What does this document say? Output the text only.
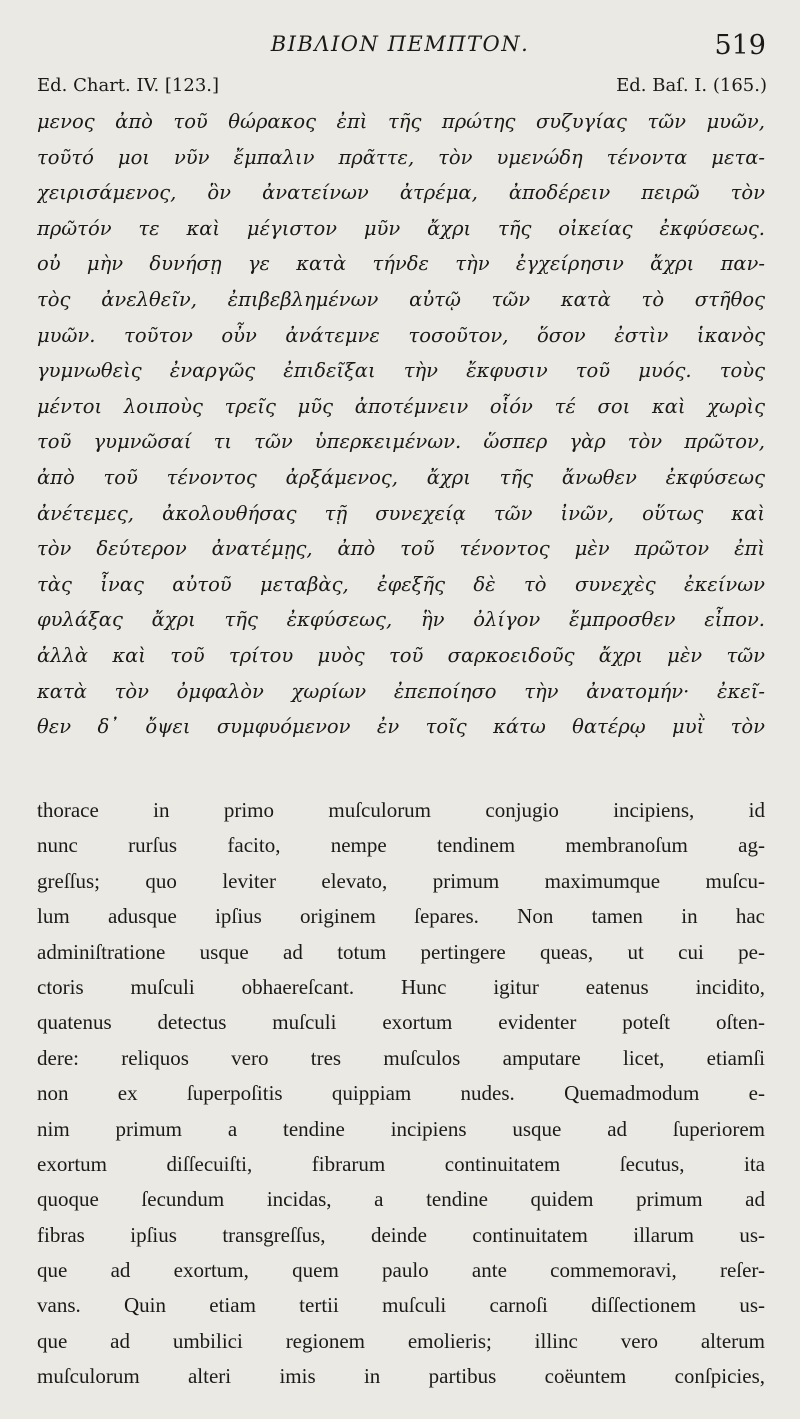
ΒΙΒΛΙΟΝ ΠΕΜΠΤΟΝ.	519
Ed. Chart. IV. [123.]	Ed. Baſ. I. (165.)
μενος ἀπὸ τοῦ θώρακος ἐπὶ τῆς πρώτης συζυγίας τῶν μυῶν,
τοῦτό μοι νῦν ἔμπαλιν πρᾶττε, τὸν υμενώδη τένοντα μετα-
χειρισάμενος, ὃν ἀνατείνων ἀτρέμα, ἀποδέρειν πειρῶ τὸν
πρῶτόν τε καὶ μέγιστον μῦν ἄχρι τῆς οἰκείας ἐκφύσεως.
οὐ μὴν δυνήσῃ γε κατὰ τήνδε τὴν ἐγχείρησιν ἄχρι παν-
τὸς ἀνελθεῖν, ἐπιβεβλημένων αὐτῷ τῶν κατὰ τὸ στῆθος
μυῶν. τοῦτον οὖν ἀνάτεμνε τοσοῦτον, ὅσον ἐστὶν ἱκανὸς
γυμνωθεὶς ἐναργῶς ἐπιδεῖξαι τὴν ἔκφυσιν τοῦ μυός. τοὺς
μέντοι λοιποὺς τρεῖς μῦς ἀποτέμνειν οἷόν τέ σοι καὶ χωρὶς
τοῦ γυμνῶσαί τι τῶν ὑπερκειμένων. ὥσπερ γὰρ τὸν πρῶτον,
ἀπὸ τοῦ τένοντος ἀρξάμενος, ἄχρι τῆς ἄνωθεν ἐκφύσεως
ἀνέτεμες, ἀκολουθήσας τῇ συνεχείᾳ τῶν ἰνῶν, οὕτως καὶ
τὸν δεύτερον ἀνατέμῃς, ἀπὸ τοῦ τένοντος μὲν πρῶτον ἐπὶ
τὰς ἶνας αὐτοῦ μεταβὰς, ἐφεξῆς δὲ τὸ συνεχὲς ἐκείνων
φυλάξας ἄχρι τῆς ἐκφύσεως, ἣν ὀλίγον ἔμπροσθεν εἶπον.
ἀλλὰ καὶ τοῦ τρίτου μυὸς τοῦ σαρκοειδοῦς ἄχρι μὲν τῶν
κατὰ τὸν ὀμφαλὸν χωρίων ἐπεποίησο τὴν ἀνατομήν· ἐκεῖ-
θεν δ᾿ ὄψει συμφυόμενον ἐν τοῖς κάτω θατέρῳ μυῒ τὸν
thorace in primo muſculorum conjugio incipiens, id
nunc rurſus facito, nempe tendinem membranoſum ag-
greſſus; quo leviter elevato, primum maximumque muſcu-
lum adusque ipſius originem ſepares. Non tamen in hac
adminiſtratione usque ad totum pertingere queas, ut cui pe-
ctoris muſculi obhaereſcant. Hunc igitur eatenus incidito,
quatenus detectus muſculi exortum evidenter poteſt oſten-
dere: reliquos vero tres muſculos amputare licet, etiamſi
non ex ſuperpoſitis quippiam nudes. Quemadmodum e-
nim primum a tendine incipiens usque ad ſuperiorem
exortum diſſecuiſti, fibrarum continuitatem ſecutus, ita
quoque ſecundum incidas, a tendine quidem primum ad
fibras ipſius transgreſſus, deinde continuitatem illarum us-
que ad exortum, quem paulo ante commemoravi, reſer-
vans. Quin etiam tertii muſculi carnoſi diſſectionem us-
que ad umbilici regionem emolieris; illinc vero alterum
muſculorum alteri imis in partibus coëuntem conſpicies,
